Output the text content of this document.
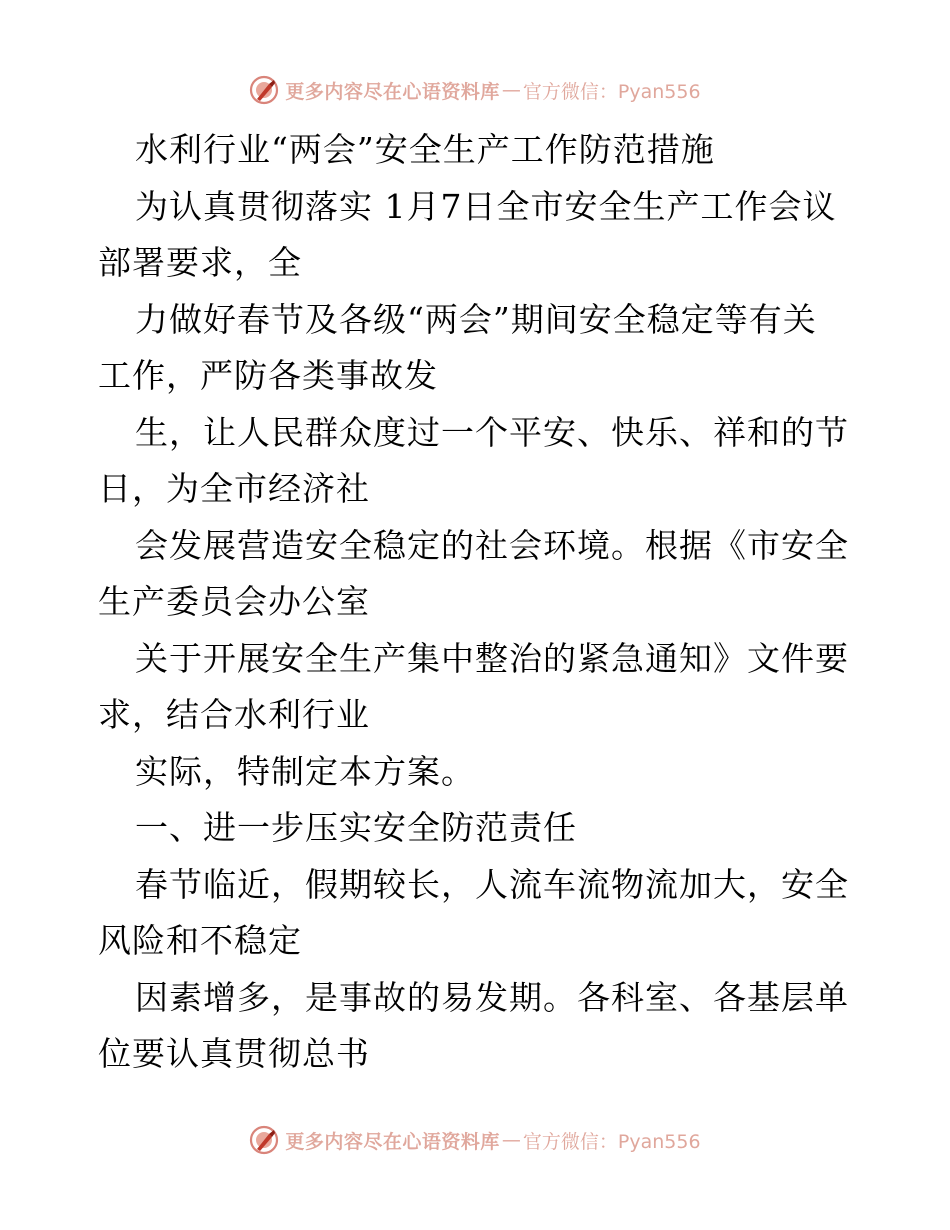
更多内容尽在心语资料库 — 官方微信：Pyan556
水利行业“两会”安全生产工作防范措施
为认真贯彻落实 1月7日全市安全生产工作会议
部署要求，全
力做好春节及各级“两会”期间安全稳定等有关
工作，严防各类事故发
生，让人民群众度过一个平安、快乐、祥和的节
日，为全市经济社
会发展营造安全稳定的社会环境。根据《市安全
生产委员会办公室
关于开展安全生产集中整治的紧急通知》文件要
求，结合水利行业
实际，特制定本方案。
一、进一步压实安全防范责任
春节临近，假期较长，人流车流物流加大，安全
风险和不稳定
因素增多，是事故的易发期。各科室、各基层单
位要认真贯彻总书
更多内容尽在心语资料库 — 官方微信：Pyan556
